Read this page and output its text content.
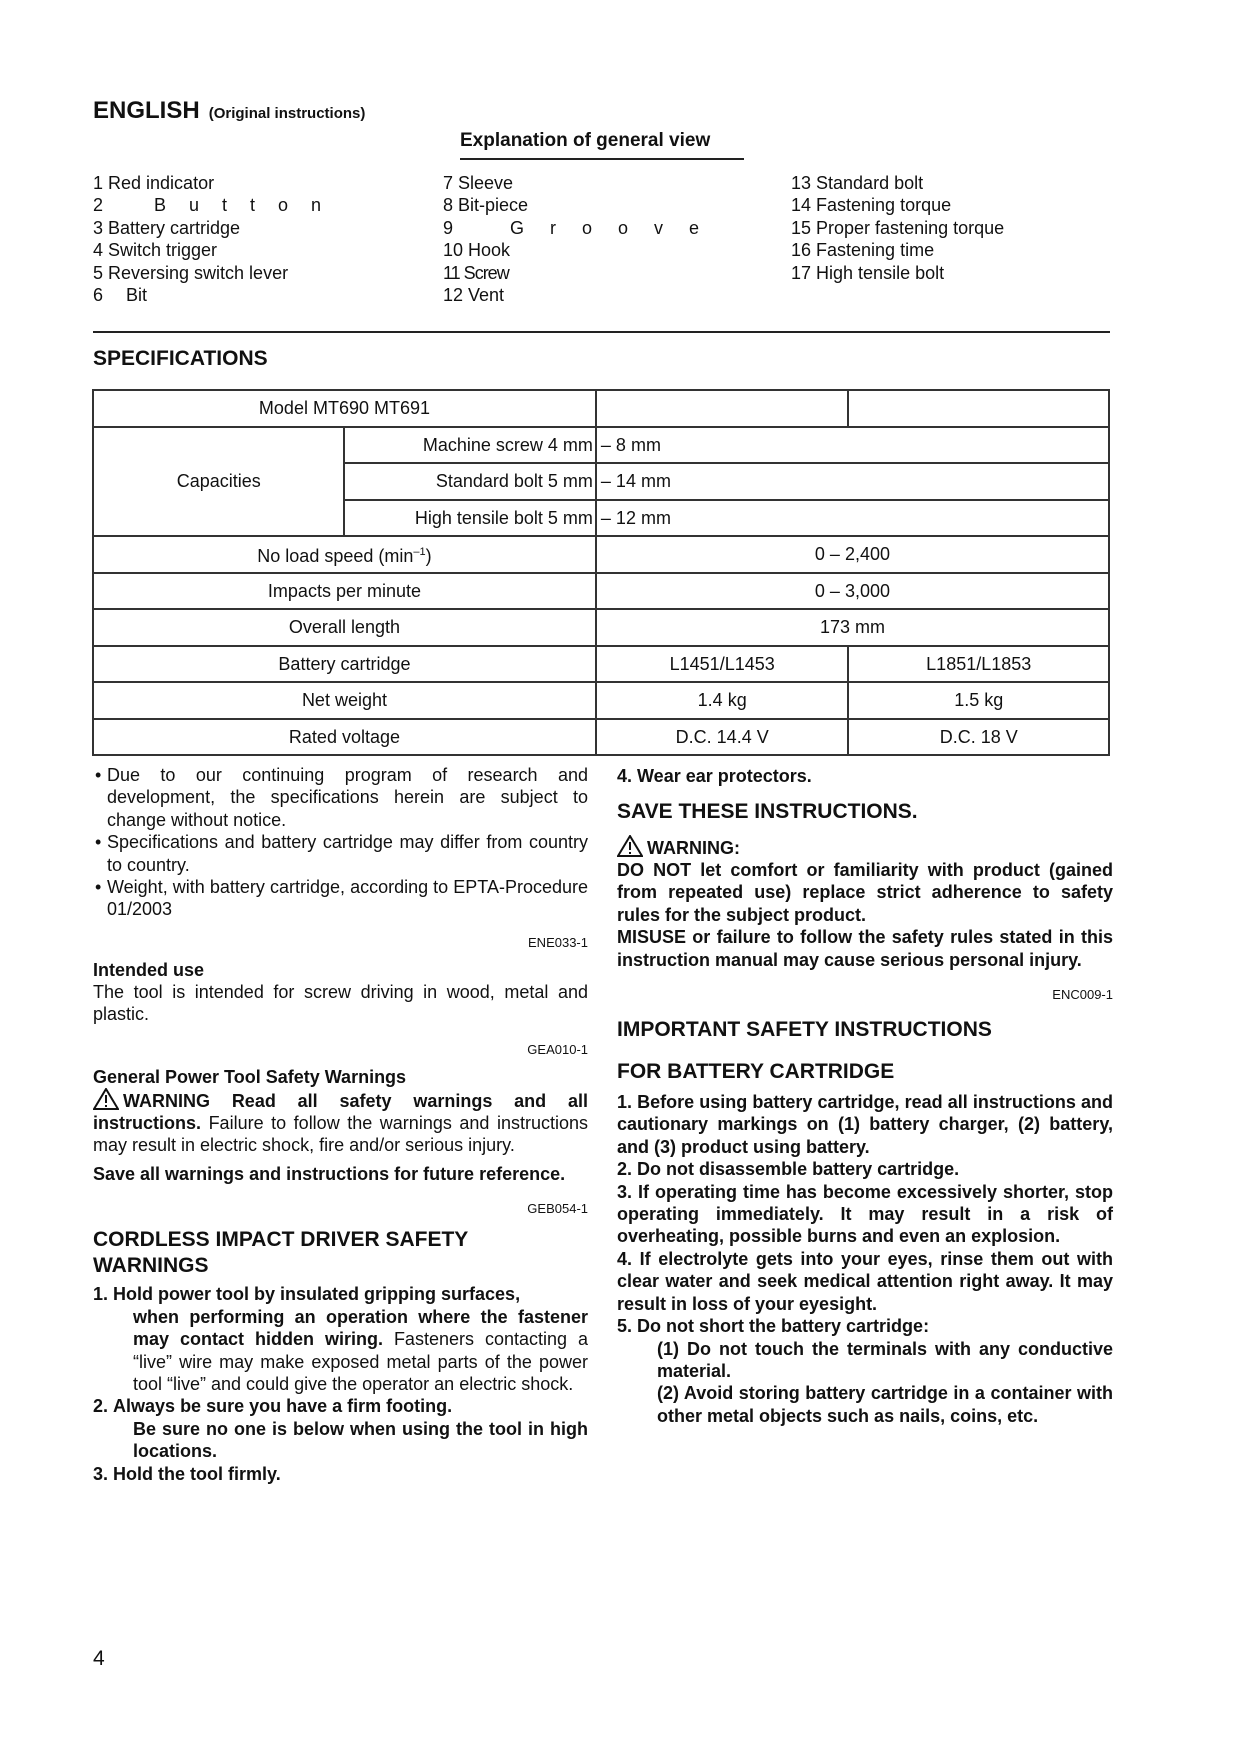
ENGLISH (Original instructions)
Explanation of general view
1 Red indicator
2 Button
3 Battery cartridge
4 Switch trigger
5 Reversing switch lever
6 Bit
7 Sleeve
8 Bit-piece
9 Groove
10 Hook
11 Screw
12 Vent
13 Standard bolt
14 Fastening torque
15 Proper fastening torque
16 Fastening time
17 High tensile bolt
SPECIFICATIONS
Model MT690 MT691			
Capacities	Machine screw 4 mm	– 8 mm	
	Standard bolt 5 mm	– 14 mm	
	High tensile bolt 5 mm	– 12 mm	
No load speed $(\min^{-1})$		0 – 2,400	
Impacts per minute		0 – 3,000	
Overall length		173 mm	
Battery cartridge		L1451/L1453	L1851/L1853
Net weight		1.4 kg	1.5 kg
Rated voltage		D.C. 14.4 V	D.C. 18 V
• Due to our continuing program of research and development, the specifications herein are subject to change without notice.
• Specifications and battery cartridge may differ from country to country.
• Weight, with battery cartridge, according to EPTA-Procedure 01/2003
ENE033-1
Intended use
The tool is intended for screw driving in wood, metal and plastic.
GEA010-1
General Power Tool Safety Warnings
WARNING Read all safety warnings and all instructions. Failure to follow the warnings and instructions may result in electric shock, fire and/or serious injury.
Save all warnings and instructions for future reference.
GEB054-1
CORDLESS IMPACT DRIVER SAFETY WARNINGS
1. Hold power tool by insulated gripping surfaces,
when performing an operation where the fastener may contact hidden wiring. Fasteners contacting a “live” wire may make exposed metal parts of the power tool “live” and could give the operator an electric shock.
2. Always be sure you have a firm footing.
Be sure no one is below when using the tool in high locations.
3. Hold the tool firmly.
4. Wear ear protectors.
SAVE THESE INSTRUCTIONS.
WARNING:
DO NOT let comfort or familiarity with product (gained from repeated use) replace strict adherence to safety rules for the subject product.
MISUSE or failure to follow the safety rules stated in this instruction manual may cause serious personal injury.
ENC009-1
IMPORTANT SAFETY INSTRUCTIONS
FOR BATTERY CARTRIDGE
1. Before using battery cartridge, read all instructions and cautionary markings on (1) battery charger, (2) battery, and (3) product using battery.
2. Do not disassemble battery cartridge.
3. If operating time has become excessively shorter, stop operating immediately. It may result in a risk of overheating, possible burns and even an explosion.
4. If electrolyte gets into your eyes, rinse them out with clear water and seek medical attention right away. It may result in loss of your eyesight.
5. Do not short the battery cartridge:
(1) Do not touch the terminals with any conductive material.
(2) Avoid storing battery cartridge in a container with other metal objects such as nails, coins, etc.
4
